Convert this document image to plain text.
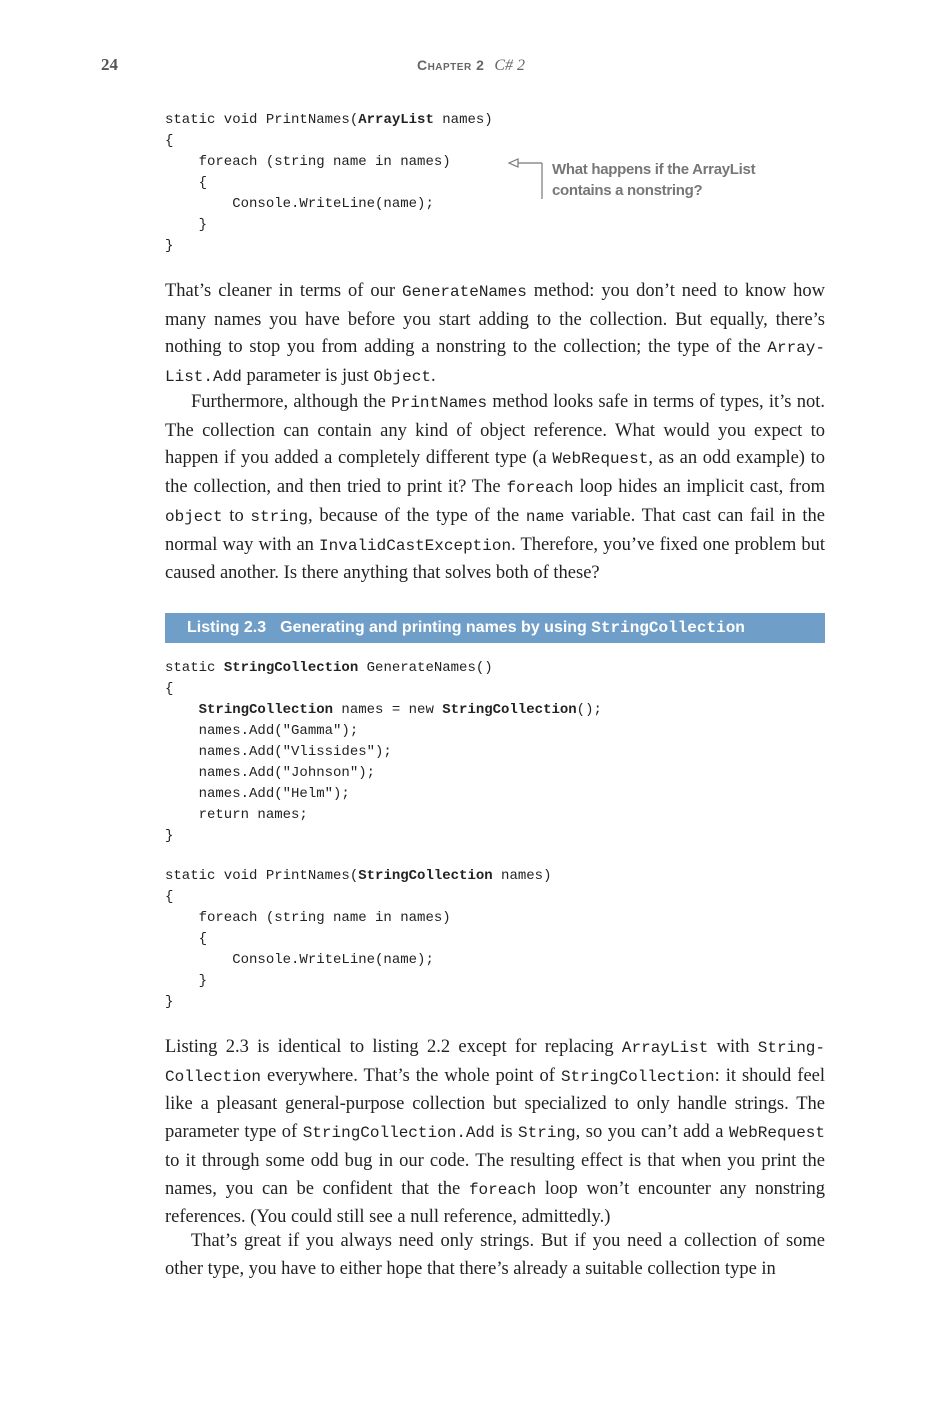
24	Chapter 2 C# 2
static void PrintNames(ArrayList names)
{
foreach (string name in names)
{
Console.WriteLine(name);
}
}
What happens if the ArrayList contains a nonstring?
That’s cleaner in terms of our GenerateNames method: you don’t need to know how many names you have before you start adding to the collection. But equally, there’s nothing to stop you from adding a nonstring to the collection; the type of the Array-List.Add parameter is just Object.
Furthermore, although the PrintNames method looks safe in terms of types, it’s not. The collection can contain any kind of object reference. What would you expect to happen if you added a completely different type (a WebRequest, as an odd example) to the collection, and then tried to print it? The foreach loop hides an implicit cast, from object to string, because of the type of the name variable. That cast can fail in the normal way with an InvalidCastException. Therefore, you’ve fixed one problem but caused another. Is there anything that solves both of these?
Listing 2.3 Generating and printing names by using StringCollection
static StringCollection GenerateNames()
{
StringCollection names = new StringCollection();
names.Add("Gamma");
names.Add("Vlissides");
names.Add("Johnson");
names.Add("Helm");
return names;
}
static void PrintNames(StringCollection names)
{
foreach (string name in names)
{
Console.WriteLine(name);
}
}
Listing 2.3 is identical to listing 2.2 except for replacing ArrayList with String-Collection everywhere. That’s the whole point of StringCollection: it should feel like a pleasant general-purpose collection but specialized to only handle strings. The parameter type of StringCollection.Add is String, so you can’t add a WebRequest to it through some odd bug in our code. The resulting effect is that when you print the names, you can be confident that the foreach loop won’t encounter any nonstring references. (You could still see a null reference, admittedly.)
That’s great if you always need only strings. But if you need a collection of some other type, you have to either hope that there’s already a suitable collection type in
